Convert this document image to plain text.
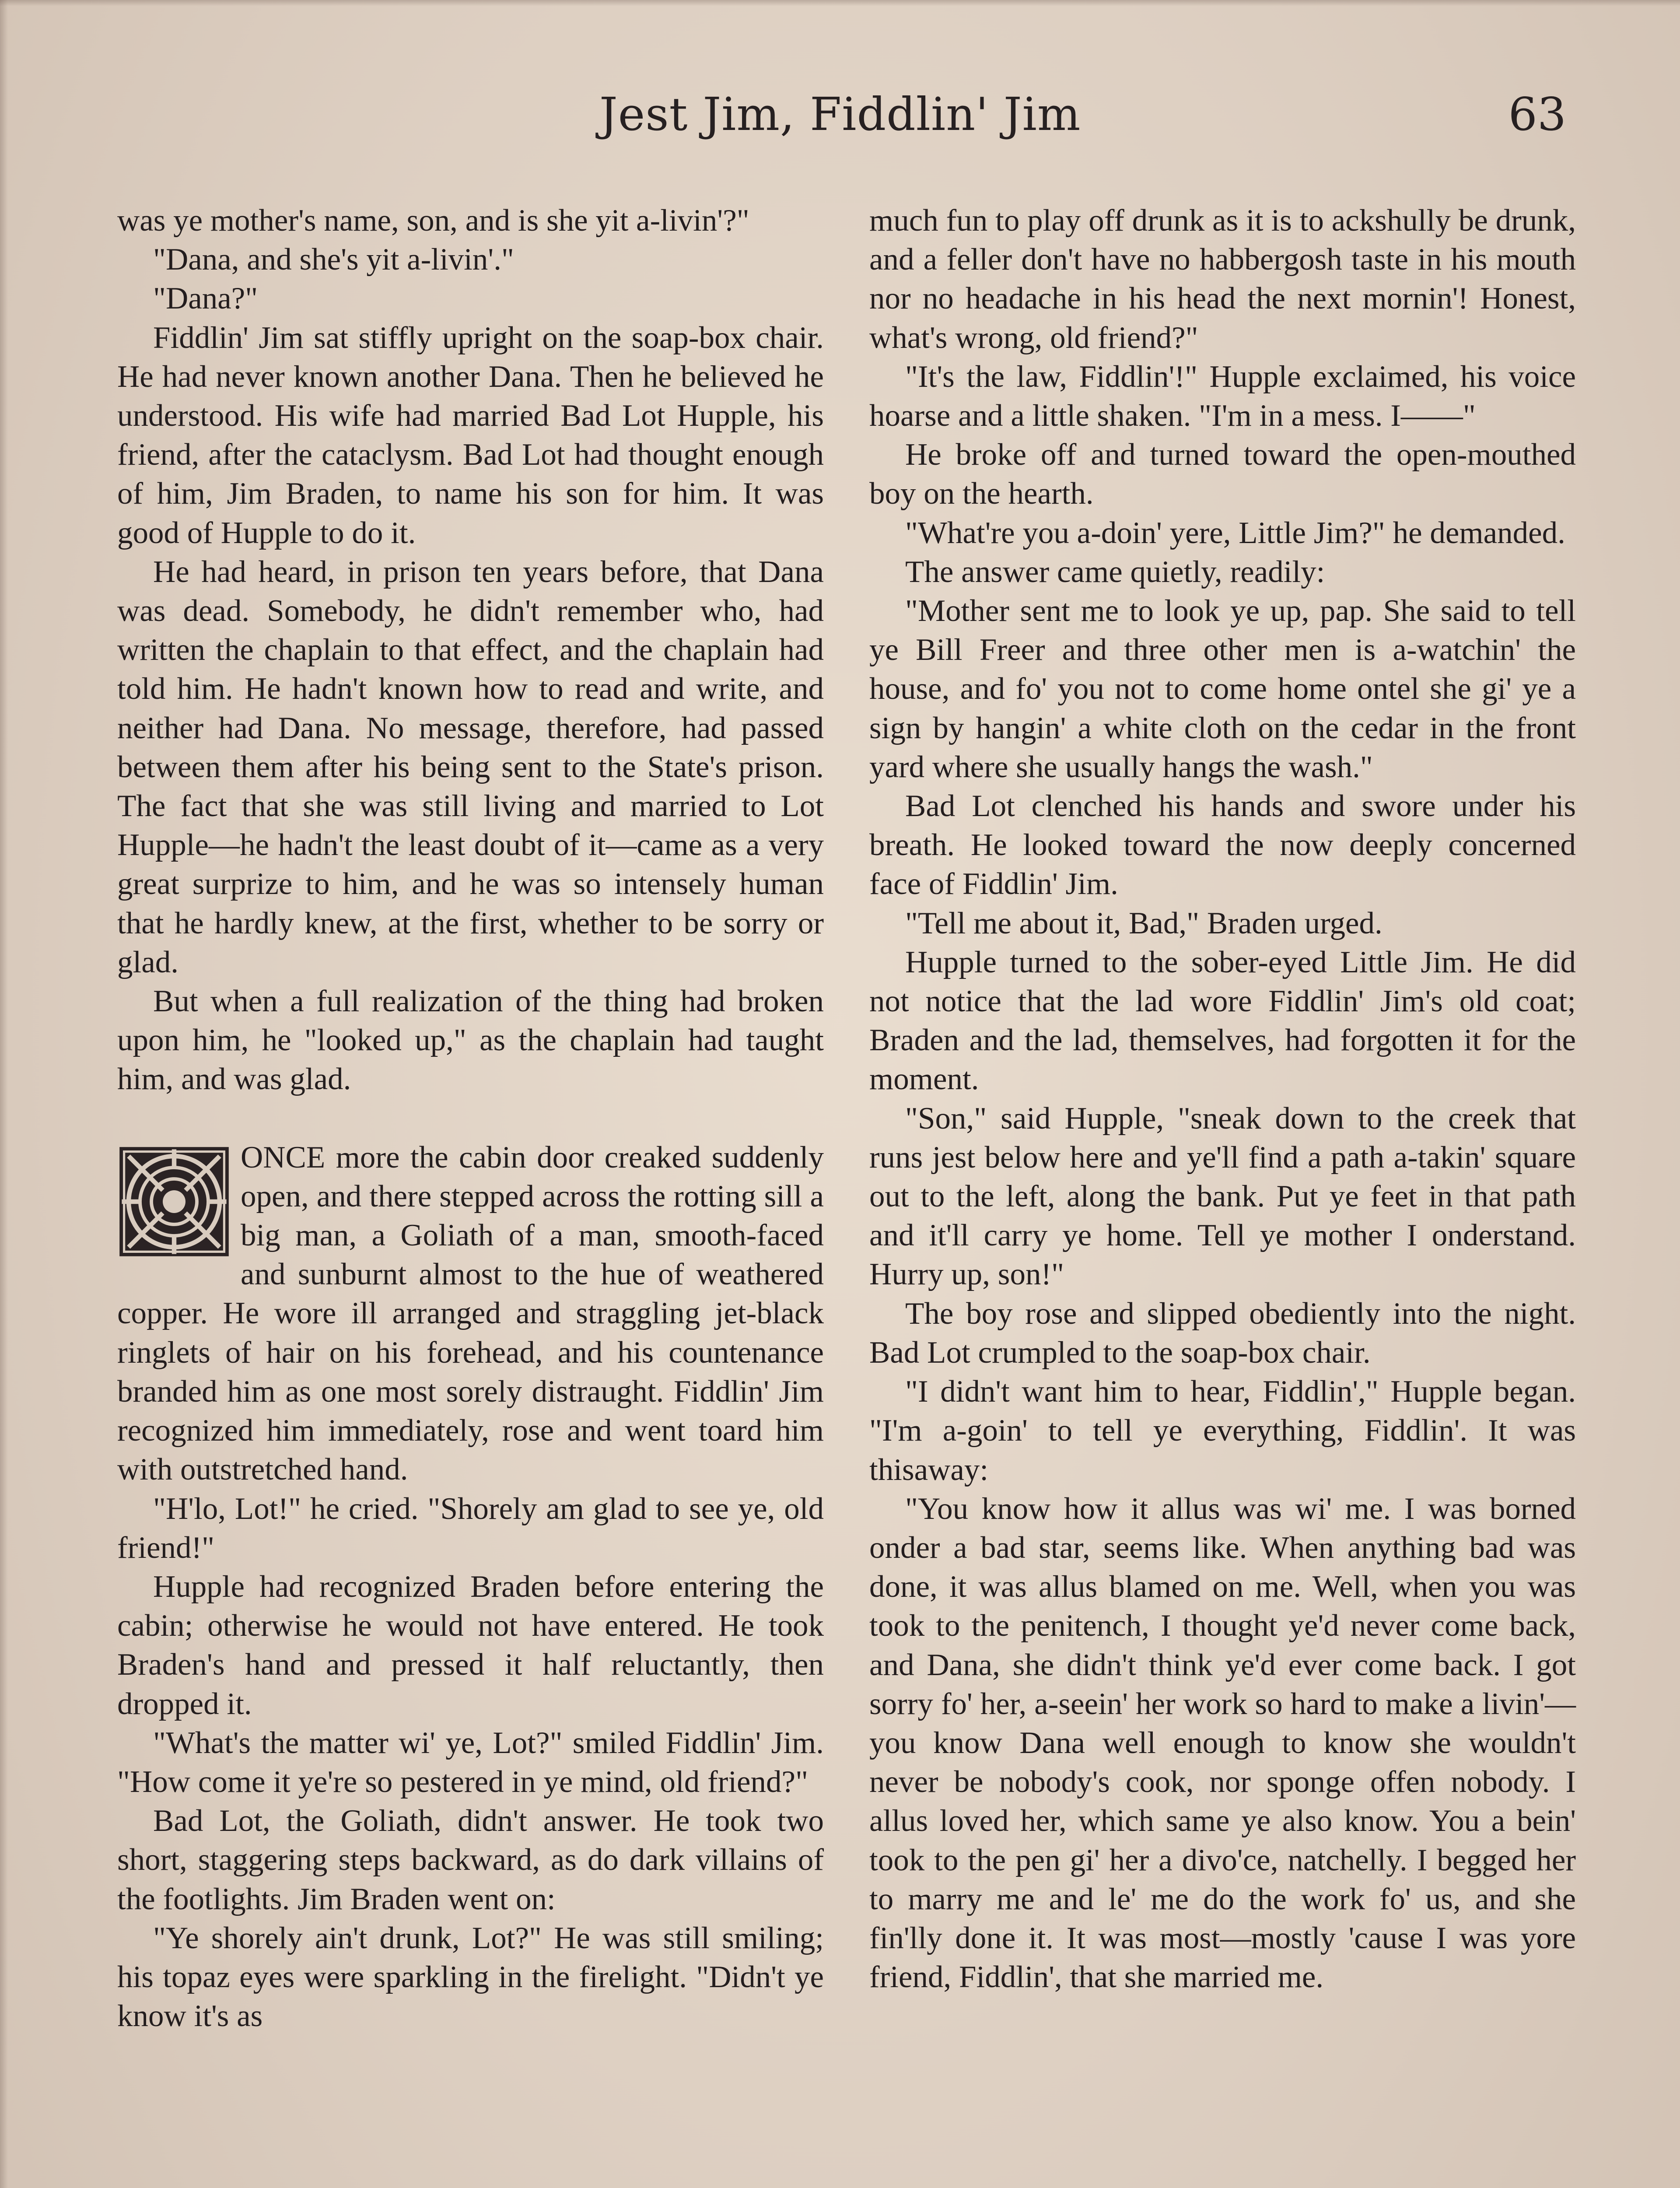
Jest Jim, Fiddlin' Jim	63

was ye mother's name, son, and is she yit a-livin'?"

"Dana, and she's yit a-livin'."

"Dana?"

Fiddlin' Jim sat stiffly upright on the soap-box chair. He had never known another Dana. Then he believed he understood. His wife had married Bad Lot Hupple, his friend, after the cataclysm. Bad Lot had thought enough of him, Jim Braden, to name his son for him. It was good of Hupple to do it.

He had heard, in prison ten years before, that Dana was dead. Somebody, he didn't remember who, had written the chaplain to that effect, and the chaplain had told him. He hadn't known how to read and write, and neither had Dana. No message, therefore, had passed between them after his being sent to the State's prison. The fact that she was still living and married to Lot Hupple—he hadn't the least doubt of it—came as a very great surprize to him, and he was so intensely human that he hardly knew, at the first, whether to be sorry or glad.

But when a full realization of the thing had broken upon him, he "looked up," as the chaplain had taught him, and was glad.

ONCE more the cabin door creaked suddenly open, and there stepped across the rotting sill a big man, a Goliath of a man, smooth-faced and sunburnt almost to the hue of weathered copper. He wore ill arranged and straggling jet-black ringlets of hair on his forehead, and his countenance branded him as one most sorely distraught. Fiddlin' Jim recognized him immediately, rose and went toard him with outstretched hand.

"H'lo, Lot!" he cried. "Shorely am glad to see ye, old friend!"

Hupple had recognized Braden before entering the cabin; otherwise he would not have entered. He took Braden's hand and pressed it half reluctantly, then dropped it.

"What's the matter wi' ye, Lot?" smiled Fiddlin' Jim. "How come it ye're so pestered in ye mind, old friend?"

Bad Lot, the Goliath, didn't answer. He took two short, staggering steps backward, as do dark villains of the footlights. Jim Braden went on:

"Ye shorely ain't drunk, Lot?" He was still smiling; his topaz eyes were sparkling in the firelight. "Didn't ye know it's as

much fun to play off drunk as it is to ackshully be drunk, and a feller don't have no habbergosh taste in his mouth nor no headache in his head the next mornin'! Honest, what's wrong, old friend?"

"It's the law, Fiddlin'!" Hupple exclaimed, his voice hoarse and a little shaken. "I'm in a mess. I——"

He broke off and turned toward the open-mouthed boy on the hearth.

"What're you a-doin' yere, Little Jim?" he demanded.

The answer came quietly, readily:

"Mother sent me to look ye up, pap. She said to tell ye Bill Freer and three other men is a-watchin' the house, and fo' you not to come home ontel she gi' ye a sign by hangin' a white cloth on the cedar in the front yard where she usually hangs the wash."

Bad Lot clenched his hands and swore under his breath. He looked toward the now deeply concerned face of Fiddlin' Jim.

"Tell me about it, Bad," Braden urged.

Hupple turned to the sober-eyed Little Jim. He did not notice that the lad wore Fiddlin' Jim's old coat; Braden and the lad, themselves, had forgotten it for the moment.

"Son," said Hupple, "sneak down to the creek that runs jest below here and ye'll find a path a-takin' square out to the left, along the bank. Put ye feet in that path and it'll carry ye home. Tell ye mother I onderstand. Hurry up, son!"

The boy rose and slipped obediently into the night. Bad Lot crumpled to the soap-box chair.

"I didn't want him to hear, Fiddlin'," Hupple began. "I'm a-goin' to tell ye everything, Fiddlin'. It was thisaway:

"You know how it allus was wi' me. I was borned onder a bad star, seems like. When anything bad was done, it was allus blamed on me. Well, when you was took to the penitench, I thought ye'd never come back, and Dana, she didn't think ye'd ever come back. I got sorry fo' her, a-seein' her work so hard to make a livin'—you know Dana well enough to know she wouldn't never be nobody's cook, nor sponge offen nobody. I allus loved her, which same ye also know. You a bein' took to the pen gi' her a divo'ce, natchelly. I begged her to marry me and le' me do the work fo' us, and she fin'lly done it. It was most—mostly 'cause I was yore friend, Fiddlin', that she married me.
